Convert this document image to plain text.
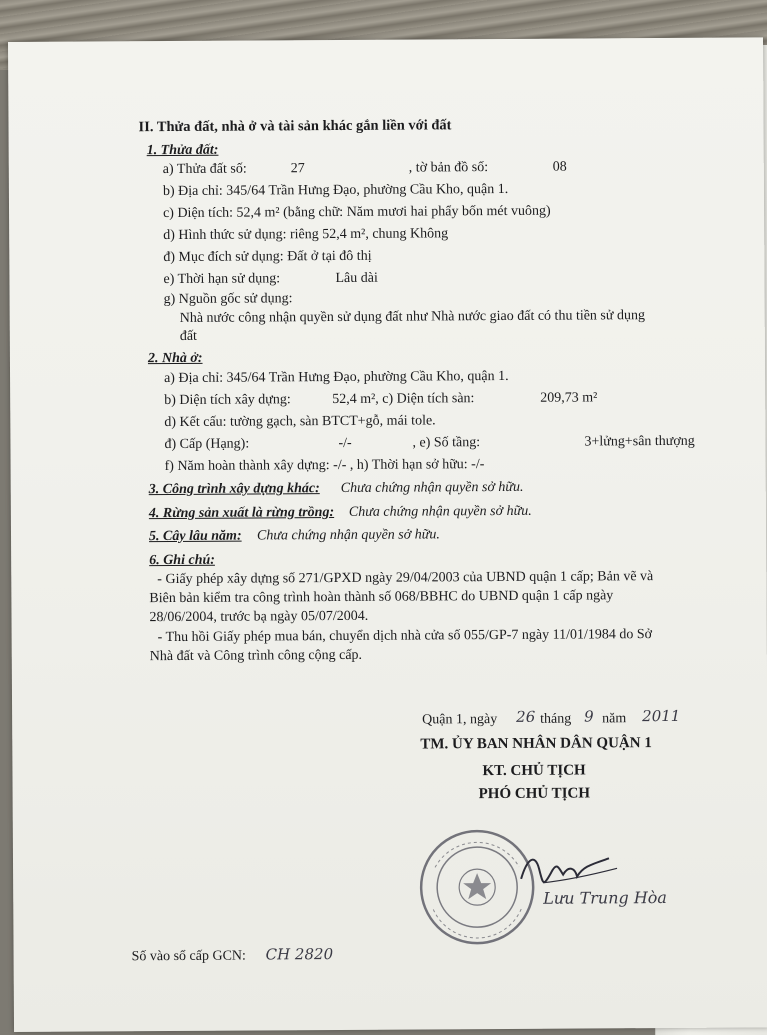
II. Thửa đất, nhà ở và tài sản khác gắn liền với đất
1. Thửa đất:
a) Thửa đất số:	27	, tờ bản đồ số:	08
b) Địa chỉ: 345/64 Trần Hưng Đạo, phường Cầu Kho, quận 1.
c) Diện tích: 52,4 m² (bằng chữ: Năm mươi hai phẩy bốn mét vuông)
d) Hình thức sử dụng: riêng 52,4 m², chung Không
đ) Mục đích sử dụng: Đất ở tại đô thị
e) Thời hạn sử dụng:	Lâu dài
g) Nguồn gốc sử dụng:
Nhà nước công nhận quyền sử dụng đất như Nhà nước giao đất có thu tiền sử dụng
đất
2. Nhà ở:
a) Địa chỉ: 345/64 Trần Hưng Đạo, phường Cầu Kho, quận 1.
b) Diện tích xây dựng:	52,4 m², c) Diện tích sàn:	209,73 m²
d) Kết cấu: tường gạch, sàn BTCT+gỗ, mái tole.
đ) Cấp (Hạng):	-/-	, e) Số tầng:	3+lửng+sân thượng
f) Năm hoàn thành xây dựng: -/- , h) Thời hạn sở hữu: -/-
3. Công trình xây dựng khác: Chưa chứng nhận quyền sở hữu.
4. Rừng sản xuất là rừng trồng: Chưa chứng nhận quyền sở hữu.
5. Cây lâu năm: Chưa chứng nhận quyền sở hữu.
6. Ghi chú:
- Giấy phép xây dựng số 271/GPXD ngày 29/04/2003 của UBND quận 1 cấp; Bản vẽ và
Biên bản kiểm tra công trình hoàn thành số 068/BBHC do UBND quận 1 cấp ngày
28/06/2004, trước bạ ngày 05/07/2004.
- Thu hồi Giấy phép mua bán, chuyển dịch nhà cửa số 055/GP-7 ngày 11/01/1984 do Sở
Nhà đất và Công trình công cộng cấp.
Quận 1, ngày 26 tháng 9 năm 2011
TM. ỦY BAN NHÂN DÂN QUẬN 1
KT. CHỦ TỊCH
PHÓ CHỦ TỊCH
Lưu Trung Hòa
Số vào sổ cấp GCN: CH 2820
